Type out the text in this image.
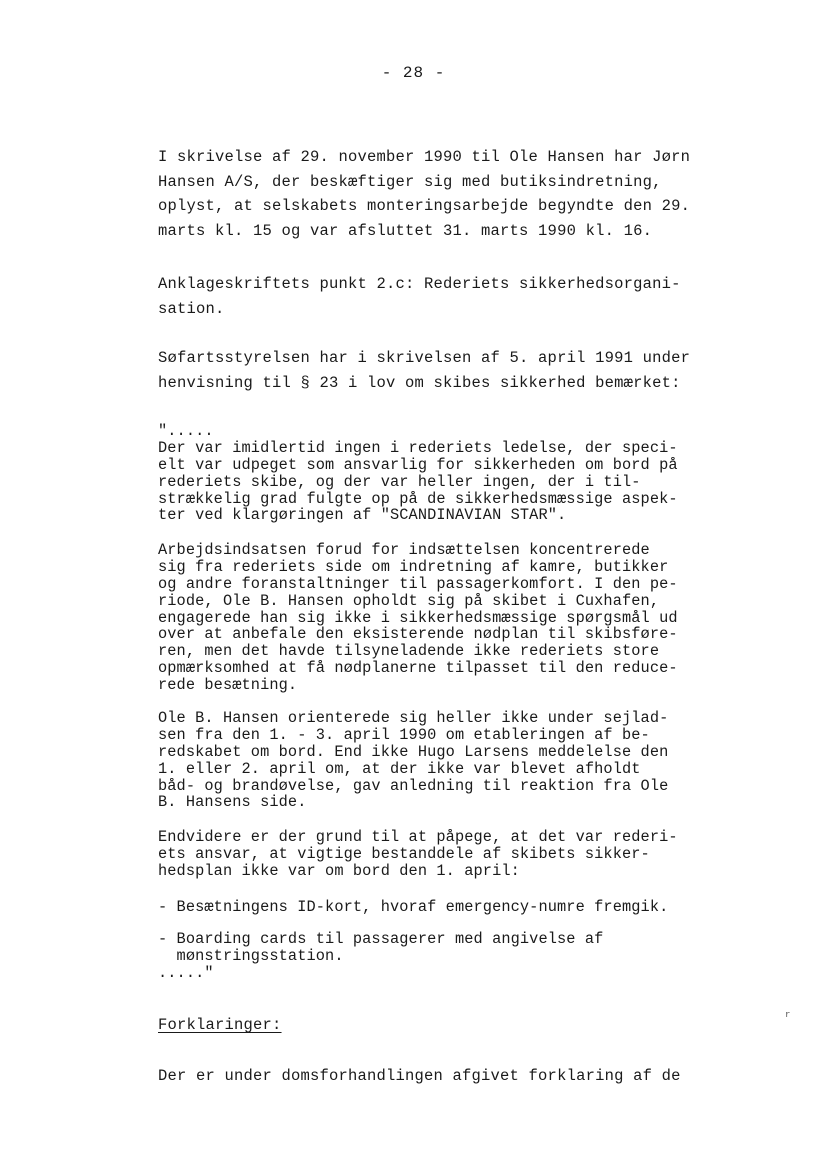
- 28 -
I skrivelse af 29. november 1990 til Ole Hansen har Jørn
Hansen A/S, der beskæftiger sig med butiksindretning,
oplyst, at selskabets monteringsarbejde begyndte den 29.
marts kl. 15 og var afsluttet 31. marts 1990 kl. 16.
Anklageskriftets punkt 2.c: Rederiets sikkerhedsorgani-
sation.
Søfartsstyrelsen har i skrivelsen af 5. april 1991 under
henvisning til § 23 i lov om skibes sikkerhed bemærket:
".....
Der var imidlertid ingen i rederiets ledelse, der speci-
elt var udpeget som ansvarlig for sikkerheden om bord på
rederiets skibe, og der var heller ingen, der i til-
strækkelig grad fulgte op på de sikkerhedsmæssige aspek-
ter ved klargøringen af "SCANDINAVIAN STAR".
Arbejdsindsatsen forud for indsættelsen koncentrerede
sig fra rederiets side om indretning af kamre, butikker
og andre foranstaltninger til passagerkomfort. I den pe-
riode, Ole B. Hansen opholdt sig på skibet i Cuxhafen,
engagerede han sig ikke i sikkerhedsmæssige spørgsmål ud
over at anbefale den eksisterende nødplan til skibsføre-
ren, men det havde tilsyneladende ikke rederiets store
opmærksomhed at få nødplanerne tilpasset til den reduce-
rede besætning.
Ole B. Hansen orienterede sig heller ikke under sejlad-
sen fra den 1. - 3. april 1990 om etableringen af be-
redskabet om bord. End ikke Hugo Larsens meddelelse den
1. eller 2. april om, at der ikke var blevet afholdt
båd- og brandøvelse, gav anledning til reaktion fra Ole
B. Hansens side.
Endvidere er der grund til at påpege, at det var rederi-
ets ansvar, at vigtige bestanddele af skibets sikker-
hedsplan ikke var om bord den 1. april:
- Besætningens ID-kort, hvoraf emergency-numre fremgik.
- Boarding cards til passagerer med angivelse af
mønstringsstation.
....."
Forklaringer:
Der er under domsforhandlingen afgivet forklaring af de
r
